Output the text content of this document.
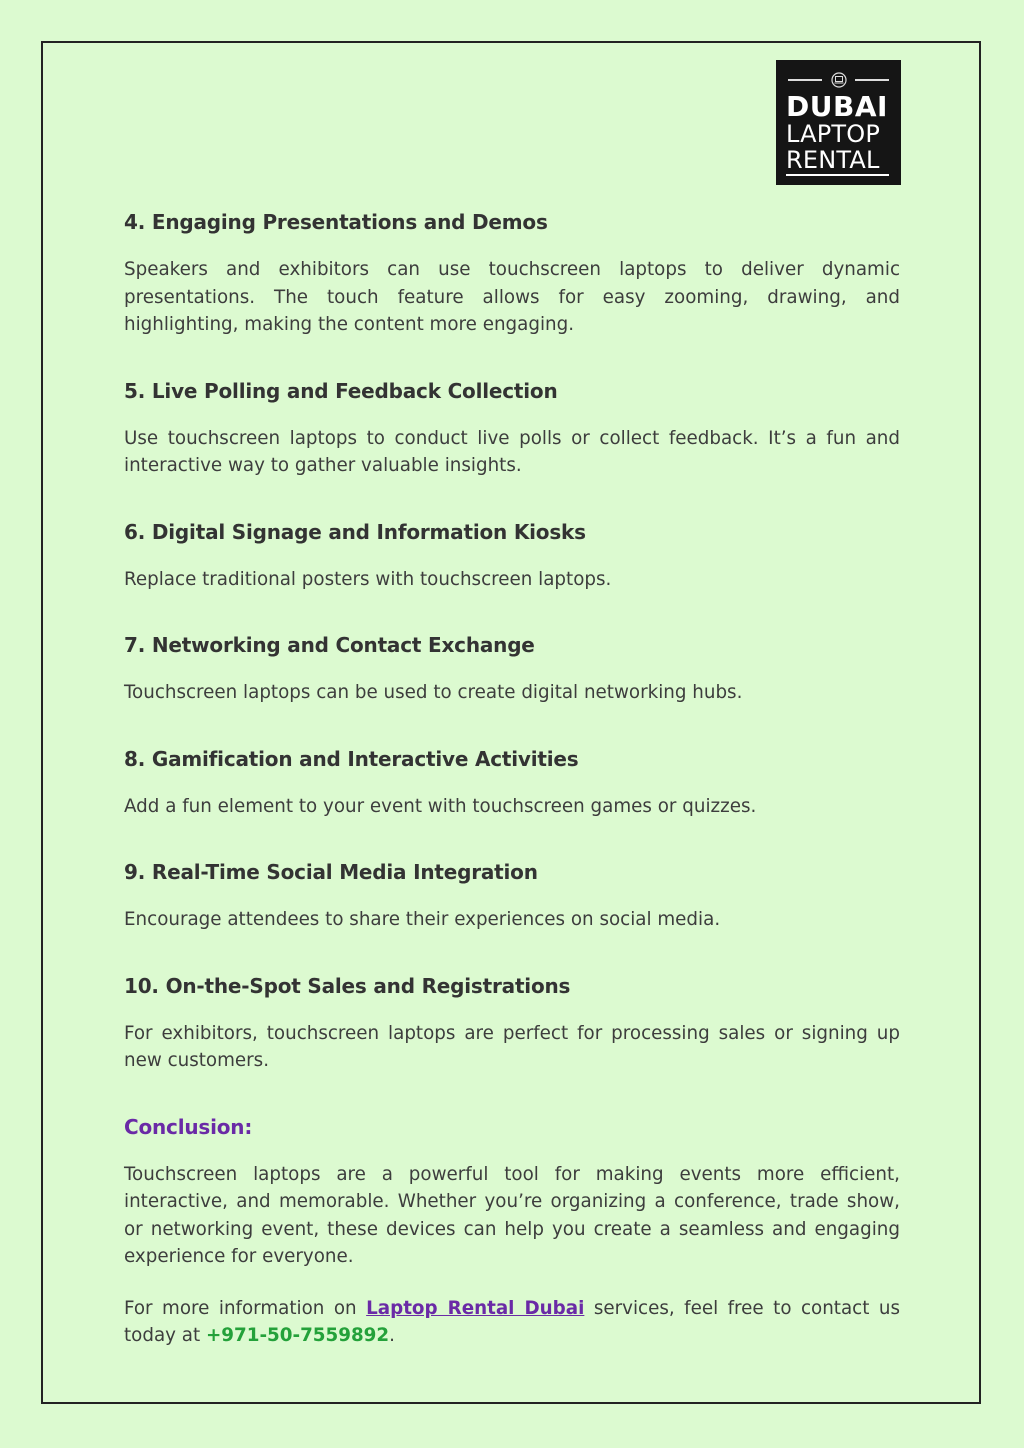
DUBAI
LAPTOP
RENTAL
4. Engaging Presentations and Demos

Speakers and exhibitors can use touchscreen laptops to deliver dynamic presentations. The touch feature allows for easy zooming, drawing, and highlighting, making the content more engaging.

5. Live Polling and Feedback Collection

Use touchscreen laptops to conduct live polls or collect feedback. It’s a fun and interactive way to gather valuable insights.

6. Digital Signage and Information Kiosks

Replace traditional posters with touchscreen laptops.

7. Networking and Contact Exchange

Touchscreen laptops can be used to create digital networking hubs.

8. Gamification and Interactive Activities

Add a fun element to your event with touchscreen games or quizzes.

9. Real-Time Social Media Integration

Encourage attendees to share their experiences on social media.

10. On-the-Spot Sales and Registrations

For exhibitors, touchscreen laptops are perfect for processing sales or signing up new customers.

Conclusion:

Touchscreen laptops are a powerful tool for making events more efficient, interactive, and memorable. Whether you’re organizing a conference, trade show, or networking event, these devices can help you create a seamless and engaging experience for everyone.

For more information on Laptop Rental Dubai services, feel free to contact us today at +971-50-7559892.
